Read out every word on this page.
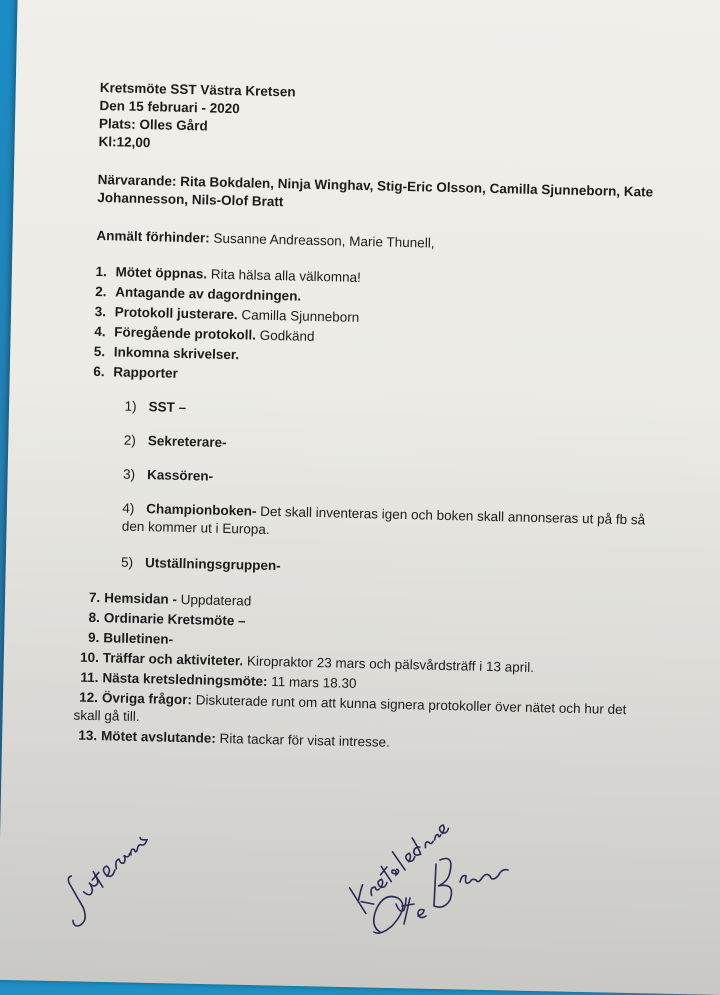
Kretsmöte SST Västra Kretsen
Den 15 februari - 2020
Plats: Olles Gård
Kl:12,00
Närvarande: Rita Bokdalen, Ninja Winghav, Stig-Eric Olsson, Camilla Sjunneborn, Kate
Johannesson, Nils-Olof Bratt
Anmält förhinder: Susanne Andreasson, Marie Thunell,
1. Mötet öppnas. Rita hälsa alla välkomna!
2. Antagande av dagordningen.
3. Protokoll justerare. Camilla Sjunneborn
4. Föregående protokoll. Godkänd
5. Inkomna skrivelser.
6. Rapporter
1) SST –
2) Sekreterare-
3) Kassören-
4) Championboken- Det skall inventeras igen och boken skall annonseras ut på fb så
den kommer ut i Europa.
5) Utställningsgruppen-
7. Hemsidan - Uppdaterad
8. Ordinarie Kretsmöte –
9. Bulletinen-
10. Träffar och aktiviteter. Kiropraktor 23 mars och pälsvårdsträff i 13 april.
11. Nästa kretsledningsmöte: 11 mars 18.30
12. Övriga frågor: Diskuterade runt om att kunna signera protokoller över nätet och hur det
skall gå till.
13. Mötet avslutande: Rita tackar för visat intresse.
